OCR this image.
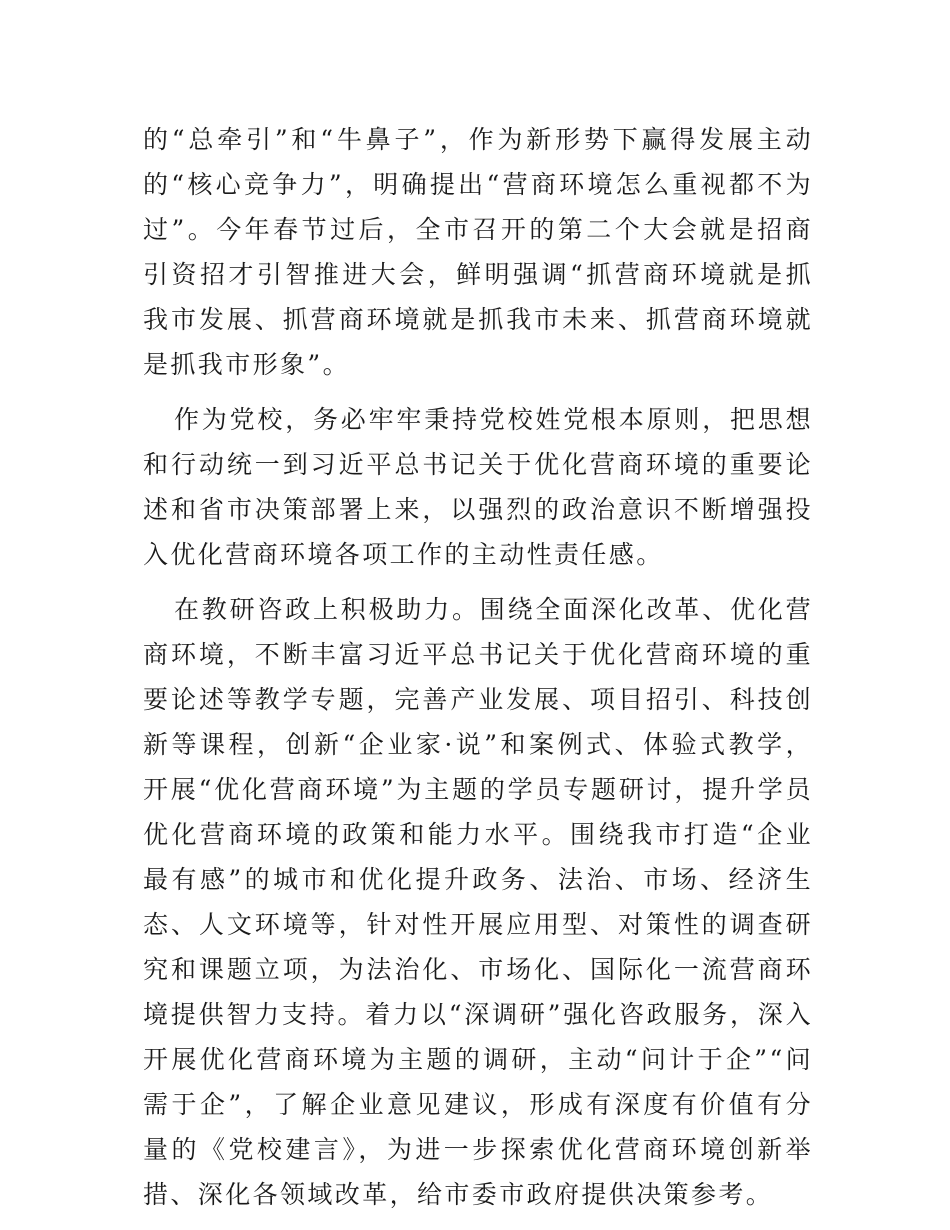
的“总牵引”和“牛鼻子”，作为新形势下赢得发展主动的“核心竞争力”，明确提出“营商环境怎么重视都不为过”。今年春节过后，全市召开的第二个大会就是招商引资招才引智推进大会，鲜明强调“抓营商环境就是抓我市发展、抓营商环境就是抓我市未来、抓营商环境就是抓我市形象”。

作为党校，务必牢牢秉持党校姓党根本原则，把思想和行动统一到习近平总书记关于优化营商环境的重要论述和省市决策部署上来，以强烈的政治意识不断增强投入优化营商环境各项工作的主动性责任感。

在教研咨政上积极助力。围绕全面深化改革、优化营商环境，不断丰富习近平总书记关于优化营商环境的重要论述等教学专题，完善产业发展、项目招引、科技创新等课程，创新“企业家·说”和案例式、体验式教学，开展“优化营商环境”为主题的学员专题研讨，提升学员优化营商环境的政策和能力水平。围绕我市打造“企业最有感”的城市和优化提升政务、法治、市场、经济生态、人文环境等，针对性开展应用型、对策性的调查研究和课题立项，为法治化、市场化、国际化一流营商环境提供智力支持。着力以“深调研”强化咨政服务，深入开展优化营商环境为主题的调研，主动“问计于企”“问需于企”，了解企业意见建议，形成有深度有价值有分量的《党校建言》，为进一步探索优化营商环境创新举措、深化各领域改革，给市委市政府提供决策参考。
